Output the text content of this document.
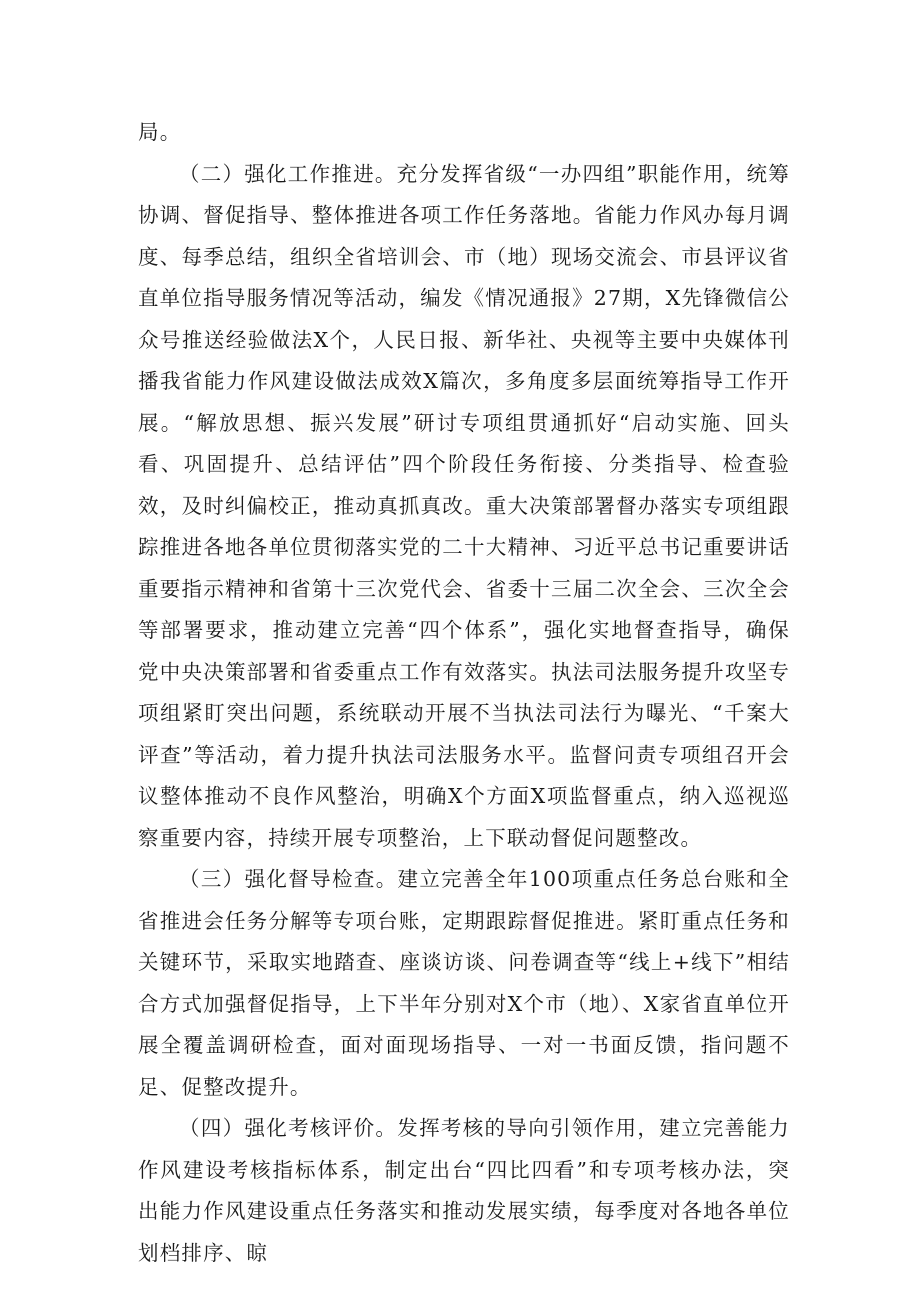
局。

（二）强化工作推进。充分发挥省级“一办四组”职能作用，统筹协调、督促指导、整体推进各项工作任务落地。省能力作风办每月调度、每季总结，组织全省培训会、市（地）现场交流会、市县评议省直单位指导服务情况等活动，编发《情况通报》27期，X先锋微信公众号推送经验做法X个，人民日报、新华社、央视等主要中央媒体刊播我省能力作风建设做法成效X篇次，多角度多层面统筹指导工作开展。“解放思想、振兴发展”研讨专项组贯通抓好“启动实施、回头看、巩固提升、总结评估”四个阶段任务衔接、分类指导、检查验效，及时纠偏校正，推动真抓真改。重大决策部署督办落实专项组跟踪推进各地各单位贯彻落实党的二十大精神、习近平总书记重要讲话重要指示精神和省第十三次党代会、省委十三届二次全会、三次全会等部署要求，推动建立完善“四个体系”，强化实地督查指导，确保党中央决策部署和省委重点工作有效落实。执法司法服务提升攻坚专项组紧盯突出问题，系统联动开展不当执法司法行为曝光、“千案大评查”等活动，着力提升执法司法服务水平。监督问责专项组召开会议整体推动不良作风整治，明确X个方面X项监督重点，纳入巡视巡察重要内容，持续开展专项整治，上下联动督促问题整改。

（三）强化督导检查。建立完善全年100项重点任务总台账和全省推进会任务分解等专项台账，定期跟踪督促推进。紧盯重点任务和关键环节，采取实地踏查、座谈访谈、问卷调查等“线上+线下”相结合方式加强督促指导，上下半年分别对X个市（地）、X家省直单位开展全覆盖调研检查，面对面现场指导、一对一书面反馈，指问题不足、促整改提升。

（四）强化考核评价。发挥考核的导向引领作用，建立完善能力作风建设考核指标体系，制定出台“四比四看”和专项考核办法，突出能力作风建设重点任务落实和推动发展实绩，每季度对各地各单位划档排序、晾
